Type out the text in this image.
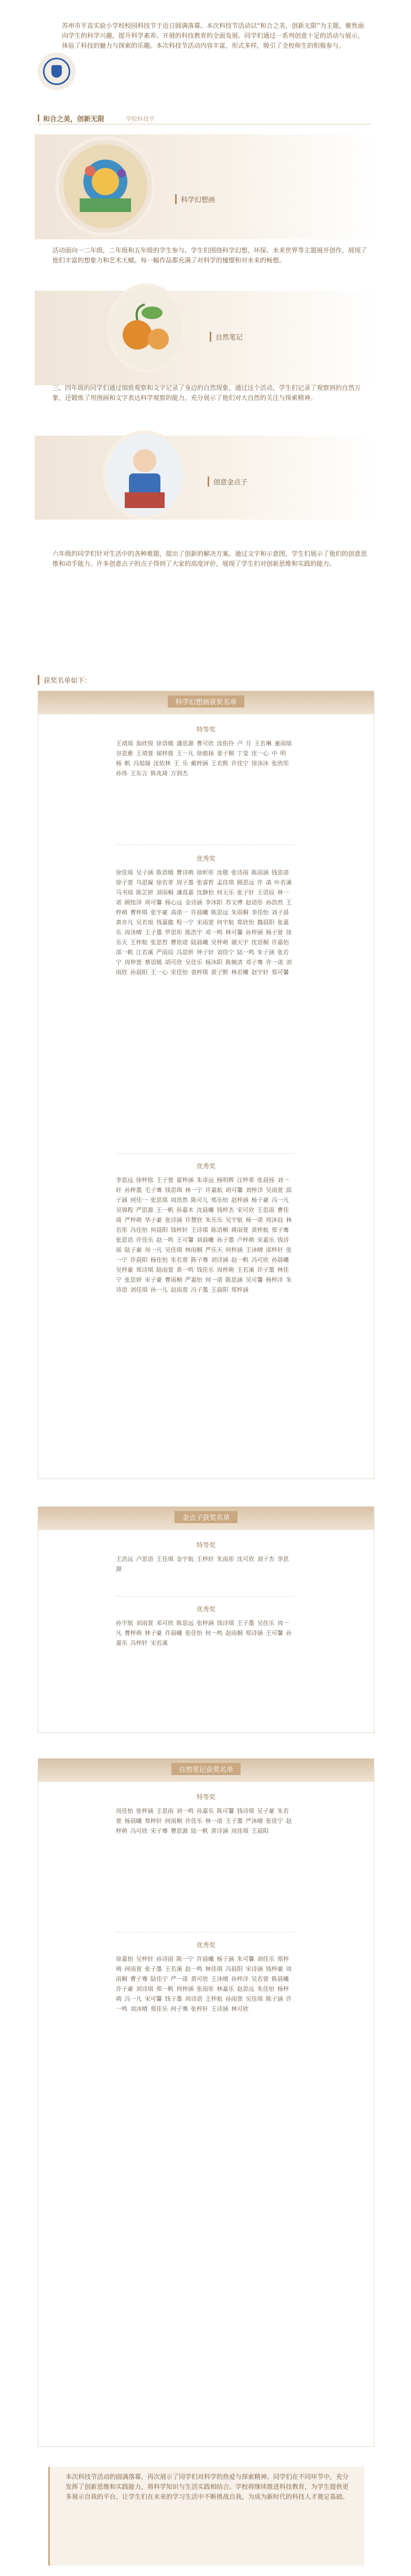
苏州市平直实验小学校校园科技节于近日圆满落幕。本次科技节活动以“和合之美，创新无限”为主题，聚焦面向学生的科学兴趣，提升科学素养。开展的科技教育的全面发展。同学们通过一系列创意十足的活动与展示，体验了科技的魅力与探索的乐趣。本次科技节活动内容丰富，形式多样，吸引了全校师生的积极参与。

和合之美，创新无限	学校科技节
科学幻想画

活动面向一二年级，二年级和五年级的学生参与。学生们围绕科学幻想、环保、未来世界等主题展开创作，展现了他们丰富的想象力和艺术天赋。每一幅作品都充满了对科学的憧憬和对未来的畅想。

自然笔记

三、四年级的同学们通过细致观察和文字记录了身边的自然现象。通过这个活动，学生们记录了观察到的自然万象，还锻炼了用图画和文字表达科学观察的能力，充分展示了他们对大自然的关注与探索精神。

创意金点子

六年级的同学们针对生活中的各种难题，提出了创新的解决方案。通过文字和示意图，学生们展示了他们的创意思维和动手能力。许多创意点子的点子得到了大家的高度评价，展现了学生们对创新思维和实践的能力。

获奖名单如下：
科学幻想画获奖名单
特等奖

王靖瑶 翁欣悦 徐语嫣 潘思源 曹可欣 汝佑伶 卢 月 王若琳 童雨瑶 谷思雅 王靖萱 郁梓骏 王一凡 徐骏扬 姜子桐 丁莹 沈一心 中 明 杨 帆 冯旭瑞 沈依林 王 乐 戴梓涵 王若熙 许佳宁 徐沐沐 张欣彤 孙伟 王东言 陈兆琦 万润杰

优秀奖

徐佳瑶 吴子涵 陈语嫣 曹诗萌 徐昕彤 汝敬 张诗雨 陈雨涵 钱思诺 徐子萱 乌思凝 徐若菲 周子墨 张睿哲 孟佳琪 顾思远 许 菡 叶若溪 马书瑶 陈芷妍 刘雨桐 潘淏嘉 沈静怡 何天乐 张子轩 王语辰 林一诺 顾铭泽 周可馨 杨心远 金诗涵 李沐阳 苏文博 赵语彤 孙浩然 王梓萌 曹梓琪 张宇豪 高诺一 许晨曦 陈思远 朱雨桐 李佳怡 刘子晨 黄亦凡 吴若瑄 钱嘉懿 程一宁 宋雨萱 何宇航 郑欣怡 魏晨阳 张嘉乐 周沐晴 王子墨 罗思彤 陈浩宇 邓一鸣 林可馨 孙梓涵 杨子萱 徐乐天 王梓航 张思哲 曹依诺 陆晨曦 吴梓萌 谢天宇 沈语桐 许嘉怡 邵一帆 江若溪 严雨辰 冯思妍 钟子轩 刘佳宁 陆一鸣 朱子涵 张若宁 周梓萱 蔡语嫣 胡可欣 吴佳乐 杨沐阳 陈婉清 邓子骞 许一诺 刘雨欣 孙晨阳 王一心 宋佳怡 袁梓琪 黄子默 林若曦 赵宇轩 郑可馨

优秀奖

李思远 徐梓铭 王子萱 翟梓涵 朱卓远 杨明辉 汪梓希 张晨扬 刘一轩 孙梓墨 毛子骞 钱思琪 林一宁 许嘉航 胡可馨 刘梓洋 吴雨萱 邱子涵 何佳一 张思琪 周浩然 陈可儿 郑乐怡 赵梓涵 杨子豪 冯一凡 吴锦程 严思源 王一帆 孙嘉木 沈晨曦 钱梓杰 宋可欣 王思雨 曹佳琦 严梓萌 华子豪 张诗涵 许慧欣 朱乐乐 吴宇航 杨一诺 周沐辰 林若彤 冯佳怡 何晨阳 钱梓轩 王诗琪 陈语桐 蒋雨萱 黄梓航 郑子骞 张思语 许佳乐 赵一鸣 王可馨 刘晨曦 孙子墨 卢梓萌 宋嘉乐 钱诗瑶 陆子豪 周一凡 吴佳琪 林雨桐 严乐天 何梓涵 王沐晴 邵梓轩 张一宁 许晨阳 杨佳怡 朱若萱 陈子骞 刘诗涵 赵一帆 冯可欣 孙晨曦 吴梓豪 郑诗琪 陆雨萱 黄一鸣 钱佳乐 周梓萌 王若溪 许子墨 林佳宁 张思妍 宋子豪 曹雨桐 严嘉怡 何一诺 陈思涵 吴可馨 杨梓洋 朱诗语 刘佳琪 孙一凡 赵雨萱 冯子墨 王晨阳 郑梓涵

金点子获奖名单
特等奖

王浩远 卢思语 王佳琪 金宇航 王梓轩 朱雨彤 沈可欣 刘子杰 李思源

优秀奖

孙宇航 刘雨萱 邓可欣 陈思远 张梓涵 钱诗琪 王子墨 吴佳乐 周一凡 曹梓萌 林子豪 许晨曦 张佳怡 何一鸣 赵雨桐 郑诗涵 王可馨 孙嘉乐 冯梓轩 宋若溪

自然笔记获奖名单
特等奖

周佳怡 张梓涵 王思雨 刘一鸣 孙嘉乐 陈可馨 钱诗琪 吴子豪 朱若萱 杨晨曦 郑梓轩 何雨桐 许佳乐 林一诺 王子墨 严沐晴 张佳宁 赵梓萌 冯可欣 宋子骞 曹思源 陆一帆 黄诗涵 周佳琪 王晨阳

优秀奖

徐嘉怡 吴梓轩 孙诗雨 陈一宁 许晨曦 杨子涵 朱可馨 刘佳乐 郑梓萌 何雨萱 张子墨 王若溪 赵一鸣 林佳琪 冯晨阳 宋诗涵 钱梓豪 周雨桐 曹子骞 陆佳宁 严一诺 黄可欣 王沐晴 孙梓洋 吴若萱 陈晨曦 许子豪 刘诗琪 郑一帆 何梓涵 张雨彤 林嘉乐 赵思远 朱佳怡 杨梓萌 冯一凡 宋可馨 钱子墨 周诗语 王梓航 孙雨萱 吴佳琪 陈子涵 许一鸣 刘沐晴 郑佳乐 何子骞 张梓轩 王诗涵 林可欣

本次科技节活动的圆满落幕，再次展示了同学们对科学的热爱与探索精神。同学们在不同环节中，充分发挥了创新思维和实践能力，将科学知识与生活实践相结合。学校将继续推进科技教育，为学生提供更多展示自我的平台，让学生们在未来的学习生活中不断挑战自我，为成为新时代的科技人才奠定基础。
